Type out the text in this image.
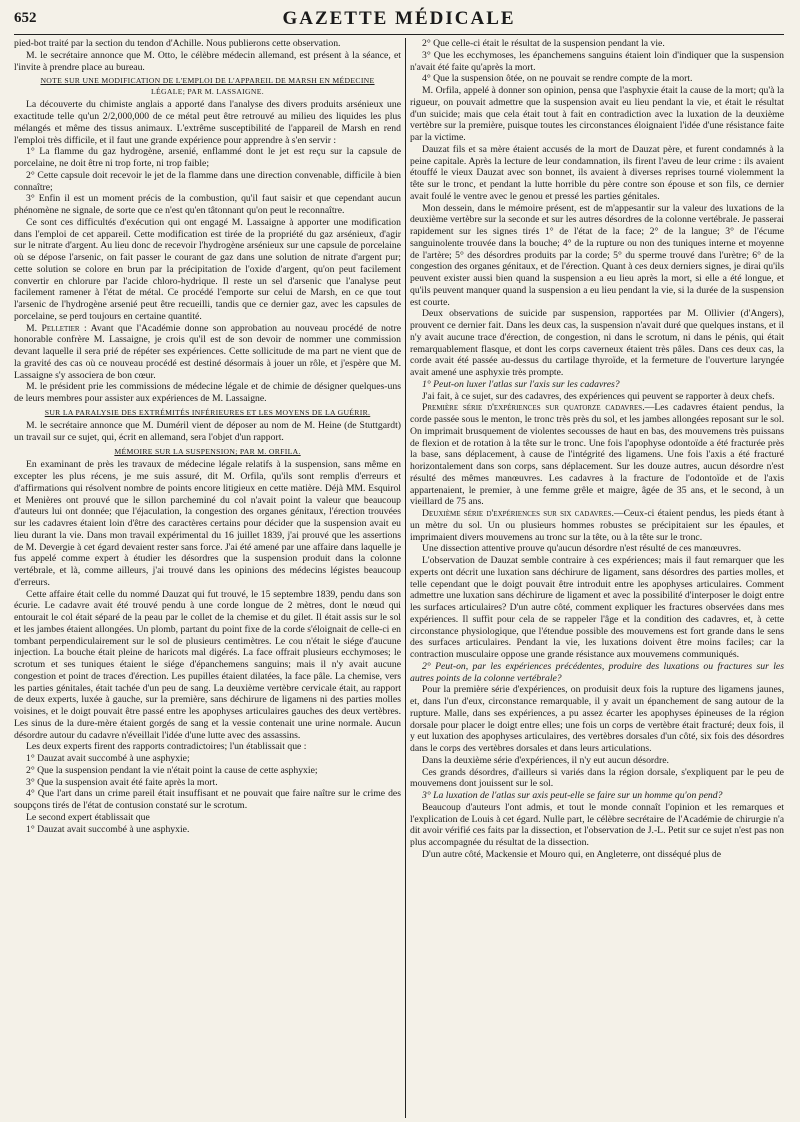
652	GAZETTE MÉDICALE

pied-bot traité par la section du tendon d'Achille. Nous publierons cette observation.

M. le secrétaire annonce que M. Otto, le célèbre médecin allemand, est présent à la séance, et l'invite à prendre place au bureau.

NOTE SUR UNE MODIFICATION DE L'EMPLOI DE L'APPAREIL DE MARSH EN MÉDECINE
LÉGALE; PAR M. LASSAIGNE.

La découverte du chimiste anglais a apporté dans l'analyse des divers produits arsénieux une exactitude telle qu'un 2/2,000,000 de ce métal peut être retrouvé au milieu des liquides les plus mélangés et même des tissus animaux. L'extrême susceptibilité de l'appareil de Marsh en rend l'emploi très difficile, et il faut une grande expérience pour apprendre à s'en servir :

1° La flamme du gaz hydrogène, arsenié, enflammé dont le jet est reçu sur la capsule de porcelaine, ne doit être ni trop forte, ni trop faible;

2° Cette capsule doit recevoir le jet de la flamme dans une direction convenable, difficile à bien connaître;

3° Enfin il est un moment précis de la combustion, qu'il faut saisir et que cependant aucun phénomène ne signale, de sorte que ce n'est qu'en tâtonnant qu'on peut le reconnaître.

Ce sont ces difficultés d'exécution qui ont engagé M. Lassaigne à apporter une modification dans l'emploi de cet appareil. Cette modification est tirée de la propriété du gaz arsénieux, d'agir sur le nitrate d'argent. Au lieu donc de recevoir l'hydrogène arsénieux sur une capsule de porcelaine où se dépose l'arsenic, on fait passer le courant de gaz dans une solution de nitrate d'argent pur; cette solution se colore en brun par la précipitation de l'oxide d'argent, qu'on peut facilement convertir en chlorure par l'acide chloro-hydrique. Il reste un sel d'arsenic que l'analyse peut facilement ramener à l'état de métal. Ce procédé l'emporte sur celui de Marsh, en ce que tout l'arsenic de l'hydrogène arsenié peut être recueilli, tandis que ce dernier gaz, avec les capsules de porcelaine, se perd toujours en certaine quantité.

M. Pelletier : Avant que l'Académie donne son approbation au nouveau procédé de notre honorable confrère M. Lassaigne, je crois qu'il est de son devoir de nommer une commission devant laquelle il sera prié de répéter ses expériences. Cette sollicitude de ma part ne vient que de la gravité des cas où ce nouveau procédé est destiné désormais à jouer un rôle, et j'espère que M. Lassaigne s'y associera de bon cœur.

M. le président prie les commissions de médecine légale et de chimie de désigner quelques-uns de leurs membres pour assister aux expériences de M. Lassaigne.

SUR LA PARALYSIE DES EXTRÉMITÉS INFÉRIEURES ET LES MOYENS DE LA GUÉRIR.

M. le secrétaire annonce que M. Duméril vient de déposer au nom de M. Heine (de Stuttgardt) un travail sur ce sujet, qui, écrit en allemand, sera l'objet d'un rapport.

MÉMOIRE SUR LA SUSPENSION; PAR M. ORFILA.

En examinant de près les travaux de médecine légale relatifs à la suspension, sans même en excepter les plus récens, je me suis assuré, dit M. Orfila, qu'ils sont remplis d'erreurs et d'affirmations qui résolvent nombre de points encore litigieux en cette matière. Déjà MM. Esquirol et Menières ont prouvé que le sillon parcheminé du col n'avait point la valeur que beaucoup d'auteurs lui ont donnée; que l'éjaculation, la congestion des organes génitaux, l'érection trouvées sur les cadavres étaient loin d'être des caractères certains pour décider que la suspension avait eu lieu durant la vie. Dans mon travail expérimental du 16 juillet 1839, j'ai prouvé que les assertions de M. Devergie à cet égard devaient rester sans force. J'ai été amené par une affaire dans laquelle je fus appelé comme expert à étudier les désordres que la suspension produit dans la colonne vertébrale, et là, comme ailleurs, j'ai trouvé dans les opinions des médecins légistes beaucoup d'erreurs.

Cette affaire était celle du nommé Dauzat qui fut trouvé, le 15 septembre 1839, pendu dans son écurie. Le cadavre avait été trouvé pendu à une corde longue de 2 mètres, dont le nœud qui entourait le col était séparé de la peau par le collet de la chemise et du gilet. Il était assis sur le sol et les jambes étaient allongées. Un plomb, partant du point fixe de la corde s'éloignait de celle-ci en tombant perpendiculairement sur le sol de plusieurs centimètres. Le cou n'était le siége d'aucune injection. La bouche était pleine de haricots mal digérés. La face offrait plusieurs ecchymoses; le scrotum et ses tuniques étaient le siége d'épanchemens sanguins; mais il n'y avait aucune congestion et point de traces d'érection. Les pupilles étaient dilatées, la face pâle. La chemise, vers les parties génitales, était tachée d'un peu de sang. La deuxième vertèbre cervicale était, au rapport de deux experts, luxée à gauche, sur la première, sans déchirure de ligamens ni des parties molles voisines, et le doigt pouvait être passé entre les apophyses articulaires gauches des deux vertèbres. Les sinus de la dure-mère étaient gorgés de sang et la vessie contenait une urine normale. Aucun désordre autour du cadavre n'éveillait l'idée d'une lutte avec des assassins.

Les deux experts firent des rapports contradictoires; l'un établissait que :

1° Dauzat avait succombé à une asphyxie;

2° Que la suspension pendant la vie n'était point la cause de cette asphyxie;

3° Que la suspension avait été faite après la mort.

4° Que l'art dans un crime pareil était insuffisant et ne pouvait que faire naître sur le crime des soupçons tirés de l'état de contusion constaté sur le scrotum.

Le second expert établissait que

1° Dauzat avait succombé à une asphyxie.

2° Que celle-ci était le résultat de la suspension pendant la vie.

3° Que les ecchymoses, les épanchemens sanguins étaient loin d'indiquer que la suspension n'avait été faite qu'après la mort.

4° Que la suspension ôtée, on ne pouvait se rendre compte de la mort.

M. Orfila, appelé à donner son opinion, pensa que l'asphyxie était la cause de la mort; qu'à la rigueur, on pouvait admettre que la suspension avait eu lieu pendant la vie, et était le résultat d'un suicide; mais que cela était tout à fait en contradiction avec la luxation de la deuxième vertèbre sur la première, puisque toutes les circonstances éloignaient l'idée d'une résistance faite par la victime.

Dauzat fils et sa mère étaient accusés de la mort de Dauzat père, et furent condamnés à la peine capitale. Après la lecture de leur condamnation, ils firent l'aveu de leur crime : ils avaient étouffé le vieux Dauzat avec son bonnet, ils avaient à diverses reprises tourné violemment la tête sur le tronc, et pendant la lutte horrible du père contre son épouse et son fils, ce dernier avait foulé le ventre avec le genou et pressé les parties génitales.

Mon dessein, dans le mémoire présent, est de m'appesantir sur la valeur des luxations de la deuxième vertèbre sur la seconde et sur les autres désordres de la colonne vertébrale. Je passerai rapidement sur les signes tirés 1° de l'état de la face; 2° de la langue; 3° de l'écume sanguinolente trouvée dans la bouche; 4° de la rupture ou non des tuniques interne et moyenne de l'artère; 5° des désordres produits par la corde; 5° du sperme trouvé dans l'urètre; 6° de la congestion des organes génitaux, et de l'érection. Quant à ces deux derniers signes, je dirai qu'ils peuvent exister aussi bien quand la suspension a eu lieu après la mort, si elle a été longue, et qu'ils peuvent manquer quand la suspension a eu lieu pendant la vie, si la durée de la suspension est courte.

Deux observations de suicide par suspension, rapportées par M. Ollivier (d'Angers), prouvent ce dernier fait. Dans les deux cas, la suspension n'avait duré que quelques instans, et il n'y avait aucune trace d'érection, de congestion, ni dans le scrotum, ni dans le pénis, qui était remarquablement flasque, et dont les corps caverneux étaient très pâles. Dans ces deux cas, la corde avait été passée au-dessus du cartilage thyroïde, et la fermeture de l'ouverture laryngée avait amené une asphyxie très prompte.

1° Peut-on luxer l'atlas sur l'axis sur les cadavres?

J'ai fait, à ce sujet, sur des cadavres, des expériences qui peuvent se rapporter à deux chefs.

Première série d'expériences sur quatorze cadavres.—Les cadavres étaient pendus, la corde passée sous le menton, le tronc très près du sol, et les jambes allongées reposant sur le sol. On imprimait brusquement de violentes secousses de haut en bas, des mouvemens très puissans de flexion et de rotation à la tête sur le tronc. Une fois l'apophyse odontoïde a été fracturée près la base, sans déplacement, à cause de l'intégrité des ligamens. Une fois l'axis a été fracturé horizontalement dans son corps, sans déplacement. Sur les douze autres, aucun désordre n'est résulté des mêmes manœuvres. Les cadavres à la fracture de l'odontoïde et de l'axis appartenaient, le premier, à une femme grêle et maigre, âgée de 35 ans, et le second, à un vieillard de 75 ans.

Deuxième série d'expériences sur six cadavres.—Ceux-ci étaient pendus, les pieds étant à un mètre du sol. Un ou plusieurs hommes robustes se précipitaient sur les épaules, et imprimaient divers mouvemens au tronc sur la tête, ou à la tête sur le tronc.

Une dissection attentive prouve qu'aucun désordre n'est résulté de ces manœuvres.

L'observation de Dauzat semble contraire à ces expériences; mais il faut remarquer que les experts ont décrit une luxation sans déchirure de ligament, sans désordres des parties molles, et telle cependant que le doigt pouvait être introduit entre les apophyses articulaires. Comment admettre une luxation sans déchirure de ligament et avec la possibilité d'interposer le doigt entre les surfaces articulaires? D'un autre côté, comment expliquer les fractures observées dans mes expériences. Il suffit pour cela de se rappeler l'âge et la condition des cadavres, et, à cette circonstance physiologique, que l'étendue possible des mouvemens est fort grande dans le sens des surfaces articulaires. Pendant la vie, les luxations doivent être moins faciles; car la contraction musculaire oppose une grande résistance aux mouvemens communiqués.

2° Peut-on, par les expériences précédentes, produire des luxations ou fractures sur les autres points de la colonne vertébrale?

Pour la première série d'expériences, on produisit deux fois la rupture des ligamens jaunes, et, dans l'un d'eux, circonstance remarquable, il y avait un épanchement de sang autour de la rupture. Malle, dans ses expériences, a pu assez écarter les apophyses épineuses de la région dorsale pour placer le doigt entre elles; une fois un corps de vertèbre était fracturé; deux fois, il y eut luxation des apophyses articulaires, des vertèbres dorsales d'un côté, six fois des désordres dans le corps des vertèbres dorsales et dans leurs articulations.

Dans la deuxième série d'expériences, il n'y eut aucun désordre.

Ces grands désordres, d'ailleurs si variés dans la région dorsale, s'expliquent par le peu de mouvemens dont jouissent sur le sol.

3° La luxation de l'atlas sur axis peut-elle se faire sur un homme qu'on pend?

Beaucoup d'auteurs l'ont admis, et tout le monde connaît l'opinion et les remarques et l'explication de Louis à cet égard. Nulle part, le célèbre secrétaire de l'Académie de chirurgie n'a dit avoir vérifié ces faits par la dissection, et l'observation de J.-L. Petit sur ce sujet n'est pas non plus accompagnée du résultat de la dissection.

D'un autre côté, Mackensie et Mouro qui, en Angleterre, ont disséqué plus de
